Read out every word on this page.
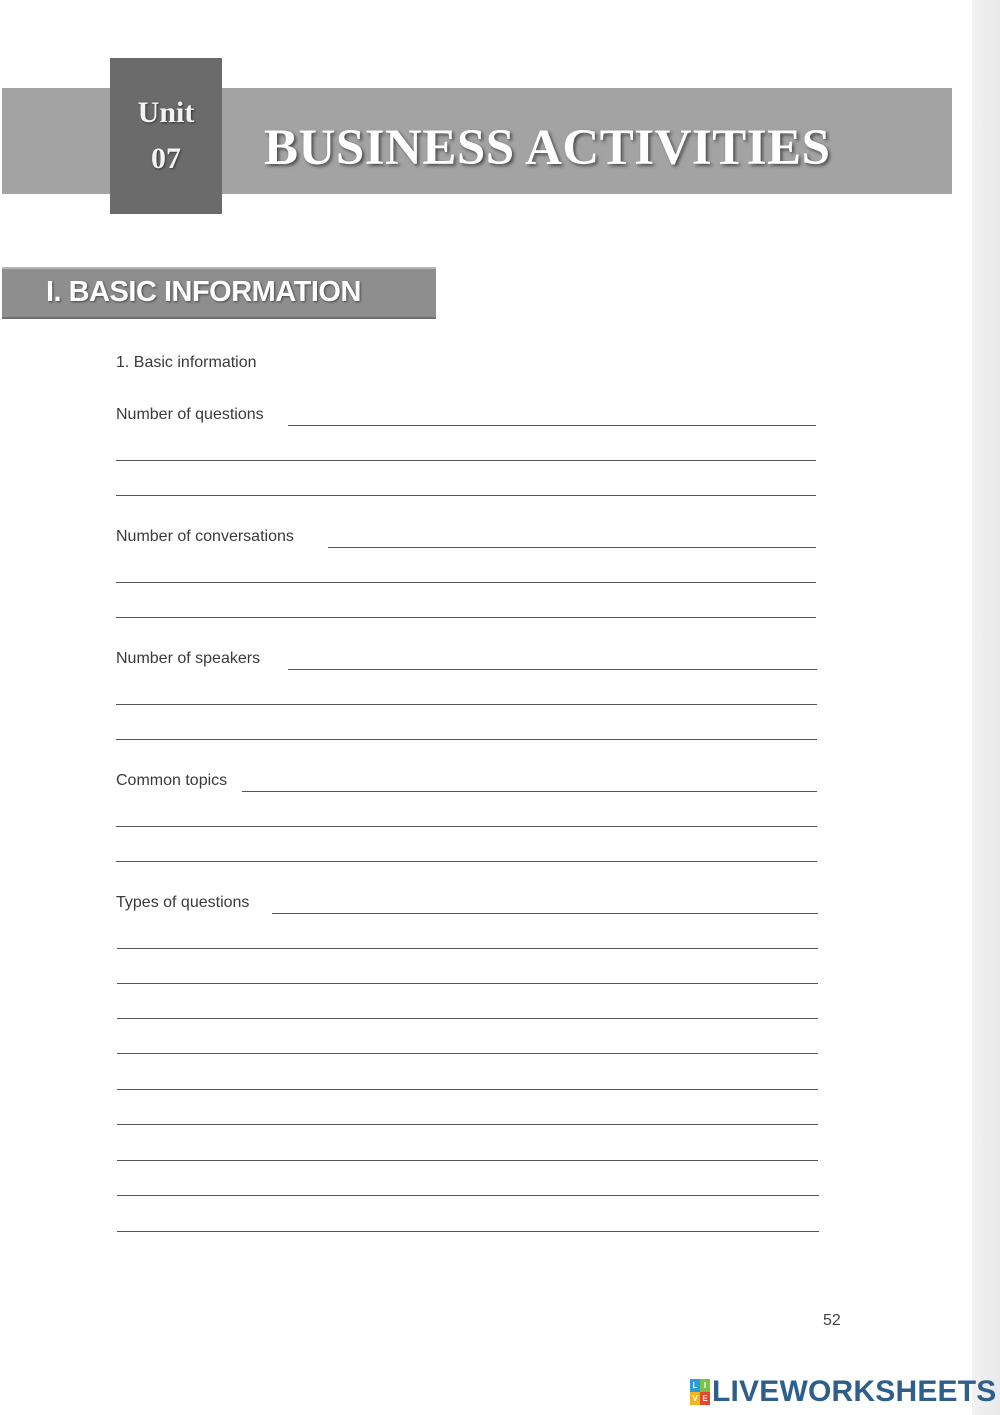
BUSINESS ACTIVITIES
Unit
07
I. BASIC INFORMATION
1. Basic information
Number of questions
Number of conversations
Number of speakers
Common topics
Types of questions
52
L I
V E LIVEWORKSHEETS
